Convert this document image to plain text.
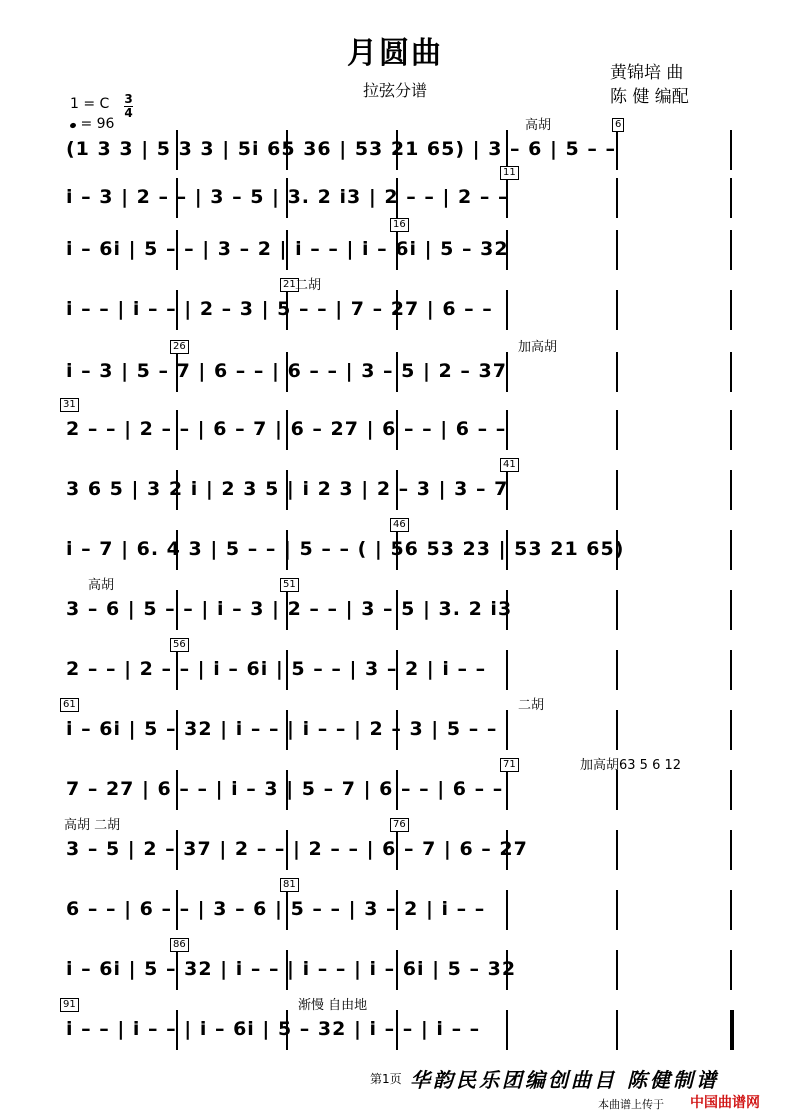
月圆曲
拉弦分谱
黄锦培 曲
陈 健 编配
1 = C 3
4
= 96
(1 3 3 | 5 3 3 | 5i 65 36 | 53 21 65) | 3 – 6 | 5 – –
6
高胡
i – 3 | 2 – – | 3 – 5 | 3. 2 i3 | 2 – – | 2 – –
11
i – 6i | 5 – – | 3 – 2 | i – – | i – 6i | 5 – 32
16
i – – | i – – | 2 – 3 | 5 – – | 7 – 27 | 6 – –
21 二胡
i – 3 | 5 – 7 | 6 – – | 6 – – | 3 – 5 | 2 – 37
26	加高胡
2 – – | 2 – – | 6 – 7 | 6 – 27 | 6 – – | 6 – –
31
3 6 5 | 3 2 i | 2 3 5 | i 2 3 | 2 – 3 | 3 – 7
41
i – 7 | 6. 4 3 | 5 – – | 5 – – ( | 56 53 23 | 53 21 65)
46
3 – 6 | 5 – – | i – 3 | 2 – – | 3 – 5 | 3. 2 i3
51
高胡
2 – – | 2 – – | i – 6i | 5 – – | 3 – 2 | i – –
56
i – 6i | 5 – 32 | i – – | i – – | 2 – 3 | 5 – –
61	二胡
7 – 27 | 6 – – | i – 3 | 5 – 7 | 6 – – | 6 – –
71	加高胡63 5 6 12
3 – 5 | 2 – 37 | 2 – – | 2 – – | 6 – 7 | 6 – 27
76
高胡 二胡
6 – – | 6 – – | 3 – 6 | 5 – – | 3 – 2 | i – –
81
i – 6i | 5 – 32 | i – – | i – – | i – 6i | 5 – 32
86
i – – | i – – | i – 6i | 5 – 32 | i – – | i – –
91	渐慢 自由地
第1页 华韵民乐团编创曲目 陈健制谱
本曲谱上传于 中国曲谱网
